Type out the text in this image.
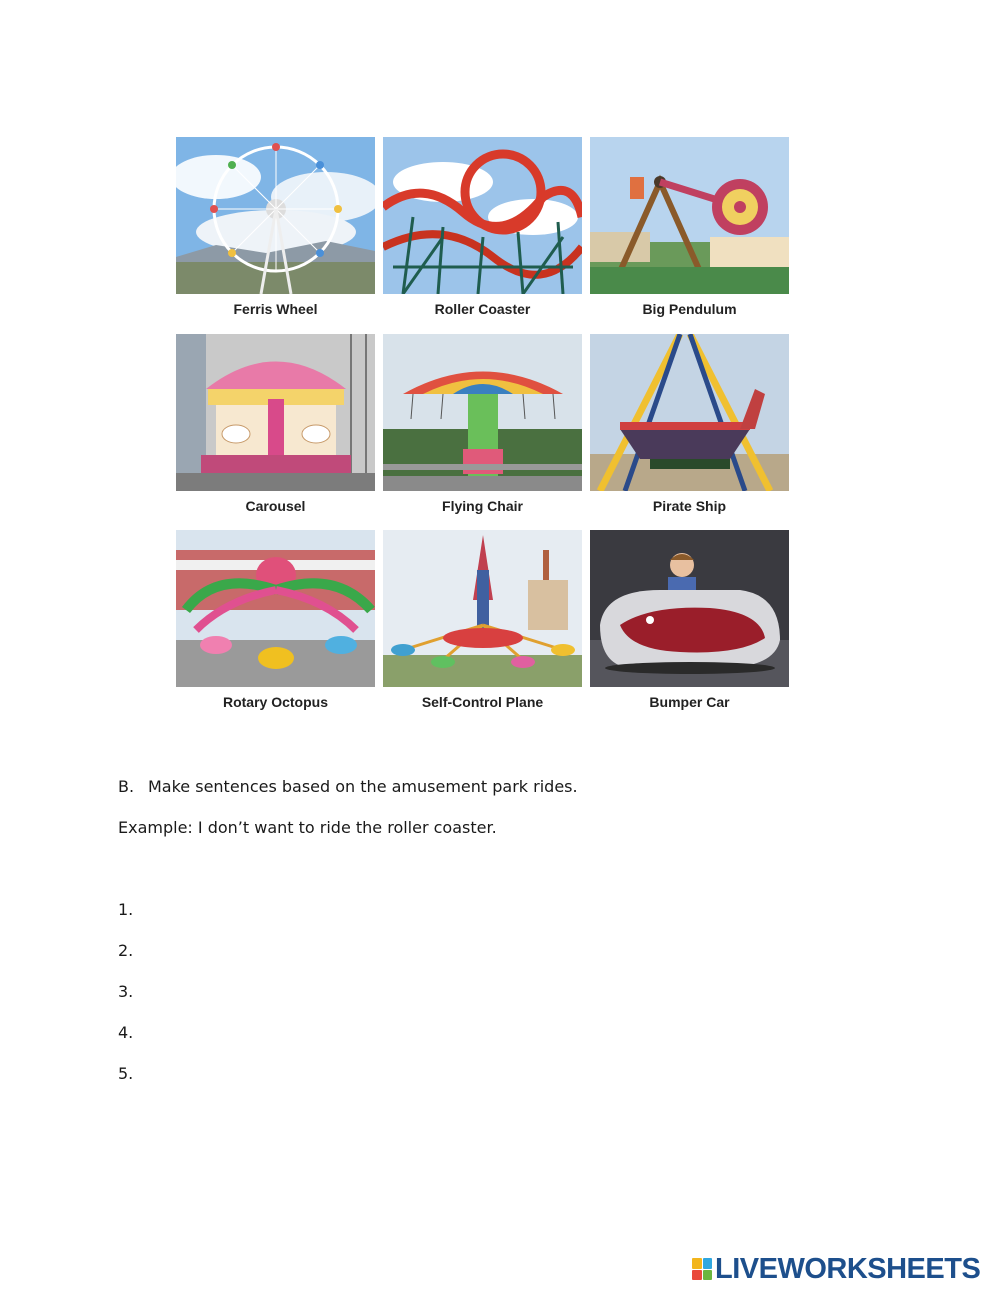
Ferris Wheel	Roller Coaster	Big Pendulum
Carousel	Flying Chair	Pirate Ship
Rotary Octopus	Self-Control Plane	Bumper Car
B. Make sentences based on the amusement park rides.
Example: I don’t want to ride the roller coaster.
1.
2.
3.
4.
5.
LIVEWORKSHEETS
